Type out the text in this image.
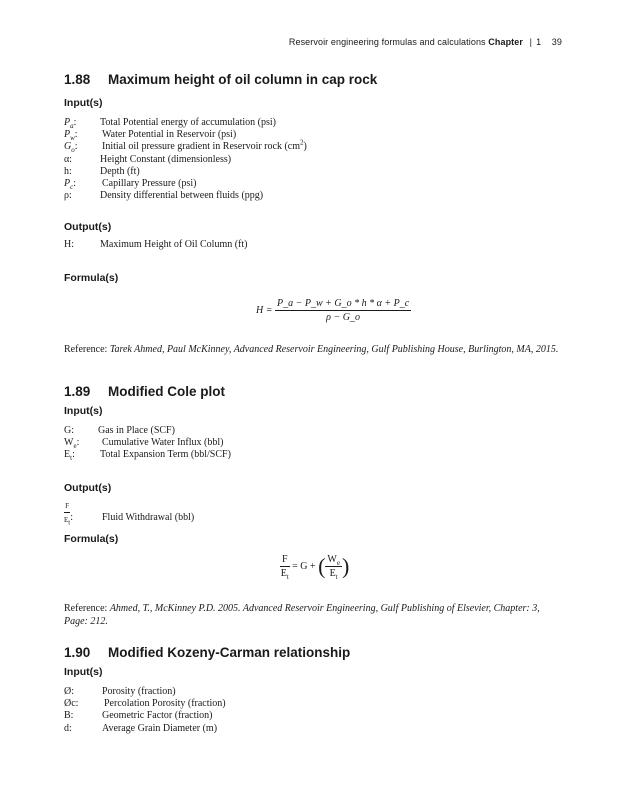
Reservoir engineering formulas and calculations Chapter | 1 39
1.88 Maximum height of oil column in cap rock
Input(s)
$P_a$: Total Potential energy of accumulation (psi)
$P_w$: Water Potential in Reservoir (psi)
$G_o$: Initial oil pressure gradient in Reservoir rock $(cm^2)$
α:	Height Constant (dimensionless)
h:	Depth (ft)
$P_c$:	Capillary Pressure (psi)
ρ:	Density differential between fluids (ppg)
Output(s)
H:	Maximum Height of Oil Column (ft)
Formula(s)
$H = \frac{P\_a - P\_w + G\_o * h * \alpha + P\_c}{\rho - G\_o}$
Reference: Tarek Ahmed, Paul McKinney, Advanced Reservoir Engineering, Gulf Publishing House, Burlington, MA, 2015.
1.89 Modified Cole plot
Input(s)
G: Gas in Place (SCF)
$W_e$: Cumulative Water Influx (bbl)
$E_t$:	Total Expansion Term (bbl/SCF)
Output(s)
$\frac{F}{E_t}$ :	Fluid Withdrawal (bbl)
Formula(s)
$\frac{F}{E_t} = G$ + ( $\frac{W_e}{E_t}$ )
Reference: Ahmed, T., McKinney P.D. 2005. Advanced Reservoir Engineering, Gulf Publishing of Elsevier, Chapter: 3, Page: 212.
1.90 Modified Kozeny-Carman relationship
Input(s)
Ø:	Porosity (fraction)
Øc:	Percolation Porosity (fraction)
B:	Geometric Factor (fraction)
d:	Average Grain Diameter (m)
